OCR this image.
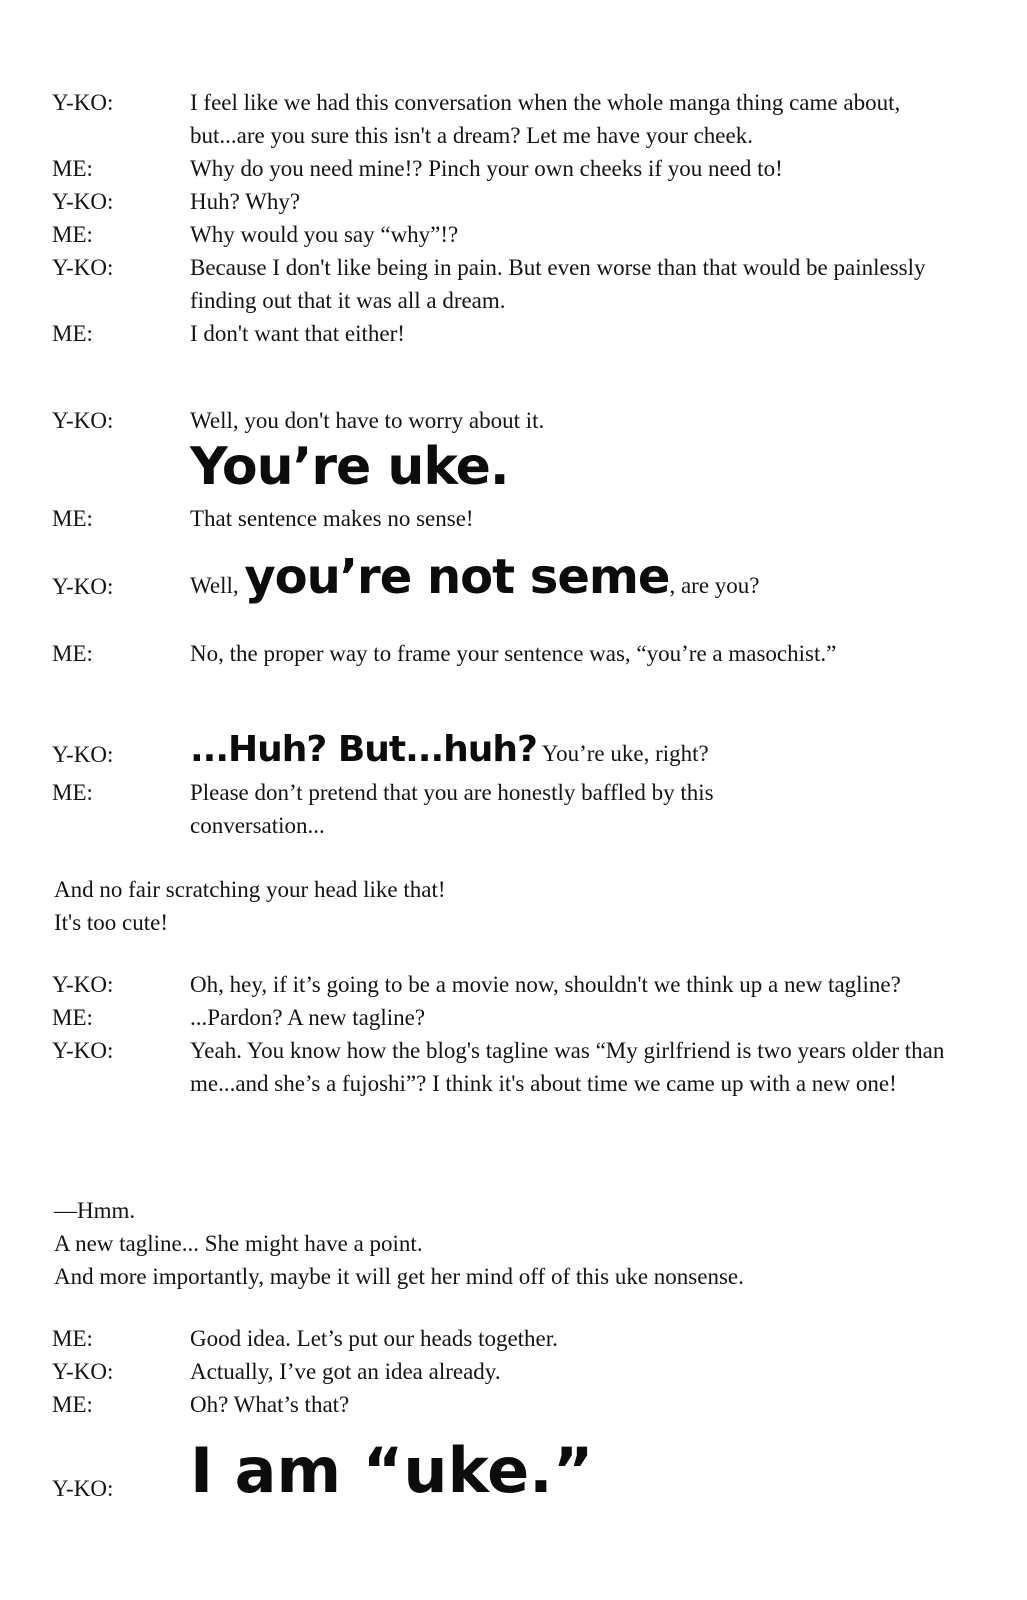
Y-KO:	I feel like we had this conversation when the whole manga thing came about, but...are you sure this isn't a dream? Let me have your cheek.
ME:	Why do you need mine!? Pinch your own cheeks if you need to!
Y-KO:	Huh? Why?
ME:	Why would you say “why”!?
Y-KO:	Because I don't like being in pain. But even worse than that would be painlessly finding out that it was all a dream.
ME:	I don't want that either!
Y-KO:	Well, you don't have to worry about it.
You’re uke.
ME:	That sentence makes no sense!
Y-KO:	Well, you’re not seme, are you?
ME:	No, the proper way to frame your sentence was, “you’re a masochist.”
Y-KO: ...Huh? But...huh? You’re uke, right?
ME:	Please don’t pretend that you are honestly baffled by this conversation...
And no fair scratching your head like that!
It's too cute!
Y-KO:	Oh, hey, if it’s going to be a movie now, shouldn't we think up a new tagline?
ME:	...Pardon? A new tagline?
Y-KO:	Yeah. You know how the blog's tagline was “My girlfriend is two years older than me...and she’s a fujoshi”? I think it's about time we came up with a new one!
—Hmm.
A new tagline... She might have a point.
And more importantly, maybe it will get her mind off of this uke nonsense.
ME:	Good idea. Let’s put our heads together.
Y-KO:	Actually, I’ve got an idea already.
ME:	Oh? What’s that?
Y-KO: I am “uke.”
